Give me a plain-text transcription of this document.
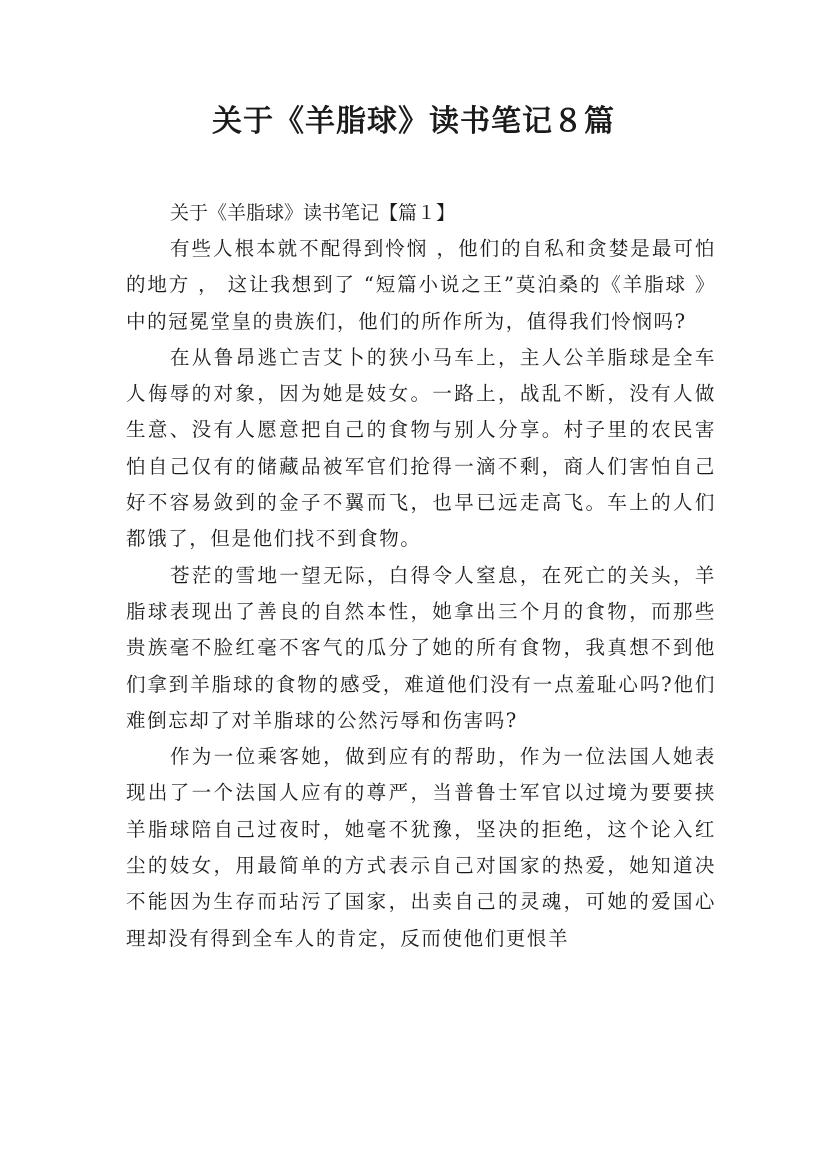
关于《羊脂球》读书笔记８篇

关于《羊脂球》读书笔记【篇１】

有些人根本就不配得到怜悯 ，他们的自私和贪婪是最可怕的地方 ， 这让我想到了 “短篇小说之王”莫泊桑的《羊脂球 》中的冠冕堂皇的贵族们，他们的所作所为，值得我们怜悯吗?

在从鲁昂逃亡吉艾卜的狭小马车上，主人公羊脂球是全车人侮辱的对象，因为她是妓女。一路上，战乱不断，没有人做生意、没有人愿意把自己的食物与别人分享。村子里的农民害怕自己仅有的储藏品被军官们抢得一滴不剩，商人们害怕自己好不容易敛到的金子不翼而飞，也早已远走高飞。车上的人们都饿了，但是他们找不到食物。

苍茫的雪地一望无际，白得令人窒息，在死亡的关头，羊脂球表现出了善良的自然本性，她拿出三个月的食物，而那些贵族毫不脸红毫不客气的瓜分了她的所有食物，我真想不到他们拿到羊脂球的食物的感受，难道他们没有一点羞耻心吗?他们难倒忘却了对羊脂球的公然污辱和伤害吗?

作为一位乘客她，做到应有的帮助，作为一位法国人她表现出了一个法国人应有的尊严，当普鲁士军官以过境为要要挟羊脂球陪自己过夜时，她毫不犹豫，坚决的拒绝，这个论入红尘的妓女，用最简单的方式表示自己对国家的热爱，她知道决不能因为生存而玷污了国家，出卖自己的灵魂，可她的爱国心理却没有得到全车人的肯定，反而使他们更恨羊
